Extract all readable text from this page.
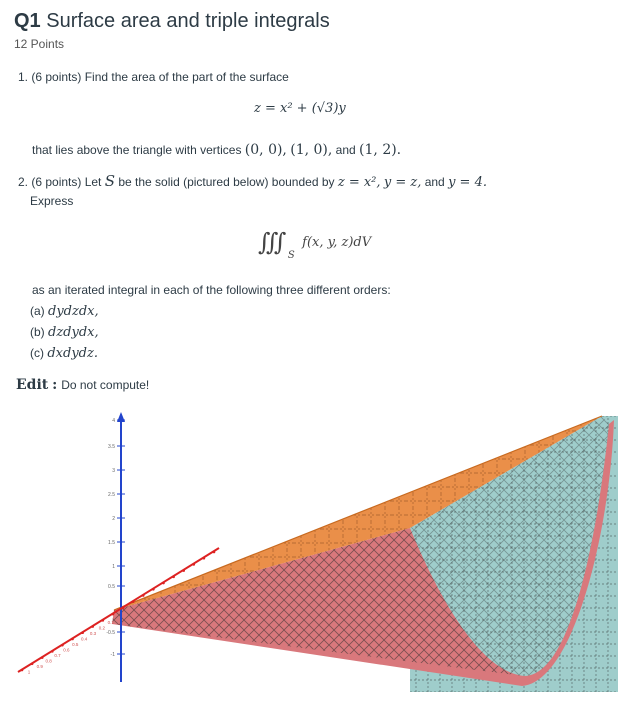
Q1 Surface area and triple integrals
12 Points
1. (6 points) Find the area of the part of the surface
z = x² + (√3)y
that lies above the triangle with vertices (0, 0), (1, 0), and (1, 2).
2. (6 points) Let S be the solid (pictured below) bounded by z = x², y = z, and y = 4.
Express
∭ $_S$ $^{f(x, y, z)dV}$
as an iterated integral in each of the following three different orders:
(a) dydzdx,
(b) dzdydx,
(c) dxdydz.
Edit : Do not compute!
4
3.5
3
2.5
2
1.5
1
0.5
-0.5
-1
1
0.9
0.8
0.7
0.6
0.5
0.4
0.3
0.2
0.1
